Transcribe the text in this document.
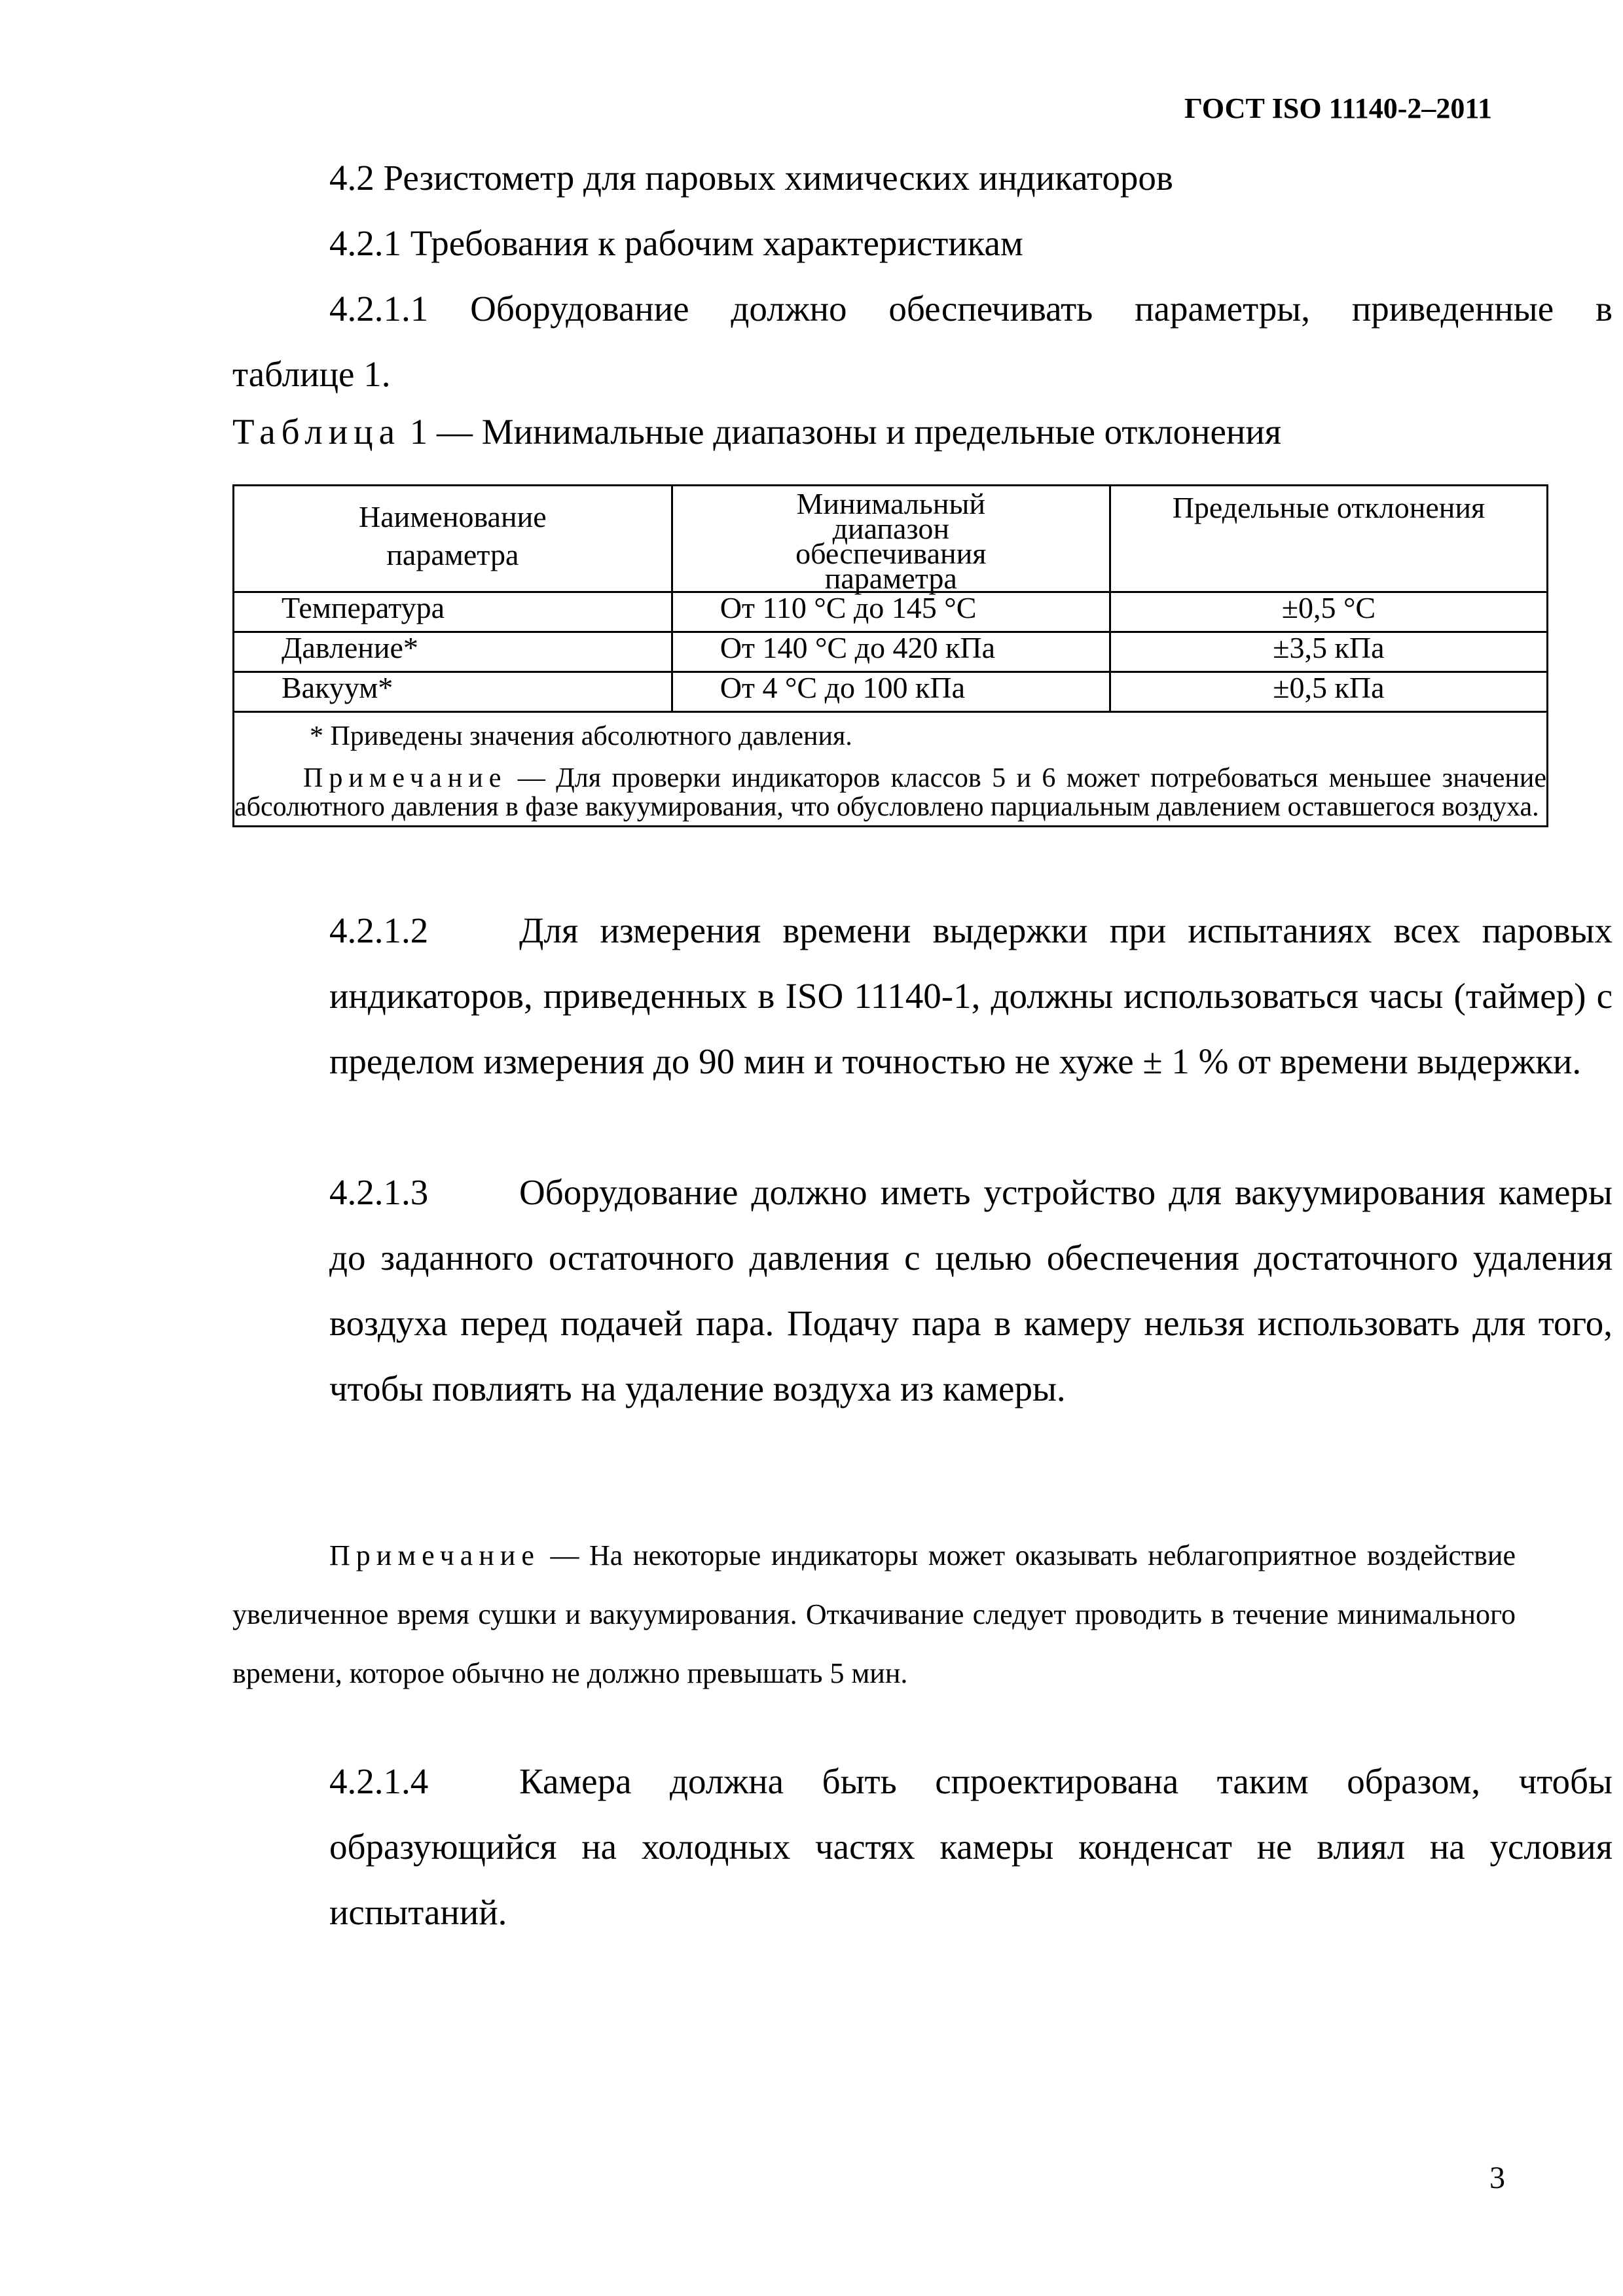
ГОСТ ISO 11140-2–2011

4.2 Резистометр для паровых химических индикаторов

4.2.1 Требования к рабочим характеристикам

4.2.1.1 Оборудование должно обеспечивать параметры, приведенные в

таблице 1.

Таблица 1 — Минимальные диапазоны и предельные отклонения
Наименование параметра	Минимальный диапазон обеспечивания параметра	Предельные отклонения

Температура	От 110 °С до 145 °С	±0,5 °С
Давление*	От 140 °С до 420 кПа	±3,5 кПа
Вакуум*	От 4 °С до 100 кПа	±0,5 кПа

* Приведены значения абсолютного давления.
Примечание — Для проверки индикаторов классов 5 и 6 может потребоваться меньшее значение абсолютного давления в фазе вакуумирования, что обусловлено парциальным давлением оставшегося воздуха.		

4.2.1.2	Для измерения времени выдержки при испытаниях всех паровых индикаторов, приведенных в ISO 11140-1, должны использоваться часы (таймер) с пределом измерения до 90 мин и точностью не хуже ± 1 % от времени выдержки.

4.2.1.3	Оборудование должно иметь устройство для вакуумирования камеры до заданного остаточного давления с целью обеспечения достаточного удаления воздуха перед подачей пара. Подачу пара в камеру нельзя использовать для того, чтобы повлиять на удаление воздуха из камеры.

Примечание — На некоторые индикаторы может оказывать неблагоприятное воздействие увеличенное время сушки и вакуумирования. Откачивание следует проводить в течение минимального времени, которое обычно не должно превышать 5 мин.

4.2.1.4	Камера должна быть спроектирована таким образом, чтобы образующийся на холодных частях камеры конденсат не влиял на условия испытаний.

3
